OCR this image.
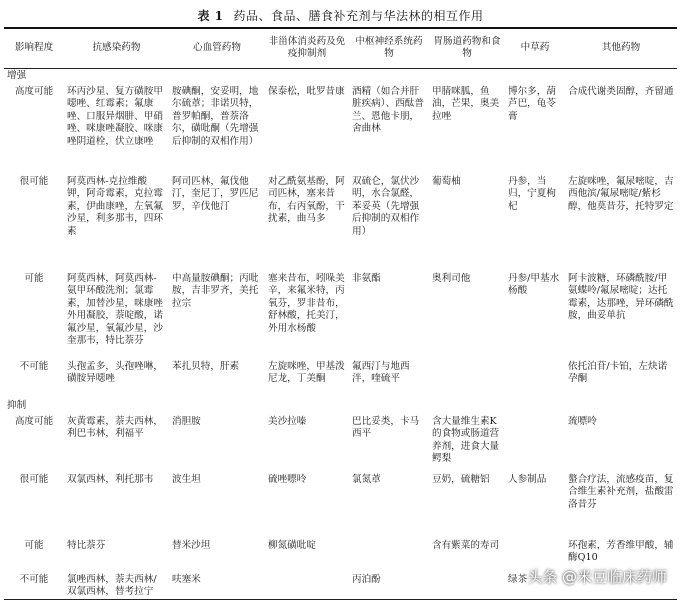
表 1 药品、食品、膳食补充剂与华法林的相互作用
影响程度	抗感染药物	心血管药物	非甾体消炎药及免疫抑制剂	中枢神经系统药物	胃肠道药物和食物	中草药	其他药物
增强							
高度可能	环丙沙星、复方磺胺甲噁唑、红霉素；氟康唑、口服异烟肼、甲硝唑、咪康唑凝胶、咪康唑阴道栓，伏立康唑	胺碘酮，安妥明，地尔硫䓬；非诺贝特，普罗帕酮，普萘洛尔，磺吡酮（先增强后抑制的双相作用）	保泰松，吡罗昔康	酒精（如合并肝脏疾病）、西酞普兰、恩他卡朋，舍曲林	甲腈咪胍，鱼油，芒果，奥美拉唑	博尔多，葫芦巴，龟苓膏	合成代谢类固醇，齐留通
很可能	阿莫西林-克拉维酸钾，阿奇霉素，克拉霉素，伊曲康唑，左氧氟沙星，利多那韦，四环素	阿司匹林，氟伐他汀，奎尼丁，罗匹尼罗，辛伐他汀	对乙酰氨基酚，阿司匹林，塞来昔布，右丙氧酚，干扰素，曲马多	双硫仑，氯伏沙明，水合氯醛，苯妥英（先增强后抑制的双相作用）	葡萄柚	丹参，当归，宁夏枸杞	左旋咪唑，氟尿嘧啶，吉西他滨/氟尿嘧啶/紫杉醇，他莫昔芬，托特罗定
可能	阿莫西林，阿莫西林-氨甲环酸洗剂；氯霉素，加替沙星，咪康唑外用凝胶，萘啶酸，诺氟沙星，氧氟沙星，沙奎那韦，特比萘芬	中高量胺碘酮；丙吡胺，吉非罗齐，美托拉宗	塞来昔布，吲哚美辛，来氟米特，丙氧芬，罗非昔布，舒林酸，托美汀，外用水杨酸	非氨酯	奥利司他	丹参/甲基水杨酸	阿卡波糖，环磷酰胺/甲氨蝶呤/氟尿嘧啶；达托霉素，达那唑，异环磷酰胺，曲妥单抗
不可能	头孢孟多，头孢唑啉，磺胺异噁唑	苯扎贝特，肝素	左旋咪唑，甲基泼尼龙，丁美酮	氟西汀与地西泮，喹硫平			依托泊苷/卡铂，左炔诺孕酮
抑制							
高度可能	灰黄霉素，萘夫西林，利巴韦林，利福平	消胆胺	美沙拉嗪	巴比妥类，卡马西平	含大量维生素K的食物或肠道营养剂，进食大量鳄梨		巯嘌呤
很可能	双氯西林，利托那韦	波生坦	硫唑嘌呤	氯氮䓬	豆奶，硫糖铝	人参制品	螯合疗法，流感疫苗，复合维生素补充剂，盐酸雷洛昔芬
可能	特比萘芬	替米沙坦	柳氮磺吡啶		含有紫菜的寿司		环孢素，芳香维甲酸，辅酶Q10
不可能	氯唑西林，萘夫西林/双氯西林，替考拉宁	呋塞米		丙泊酚		绿茶	头条 @米豆临床药师
